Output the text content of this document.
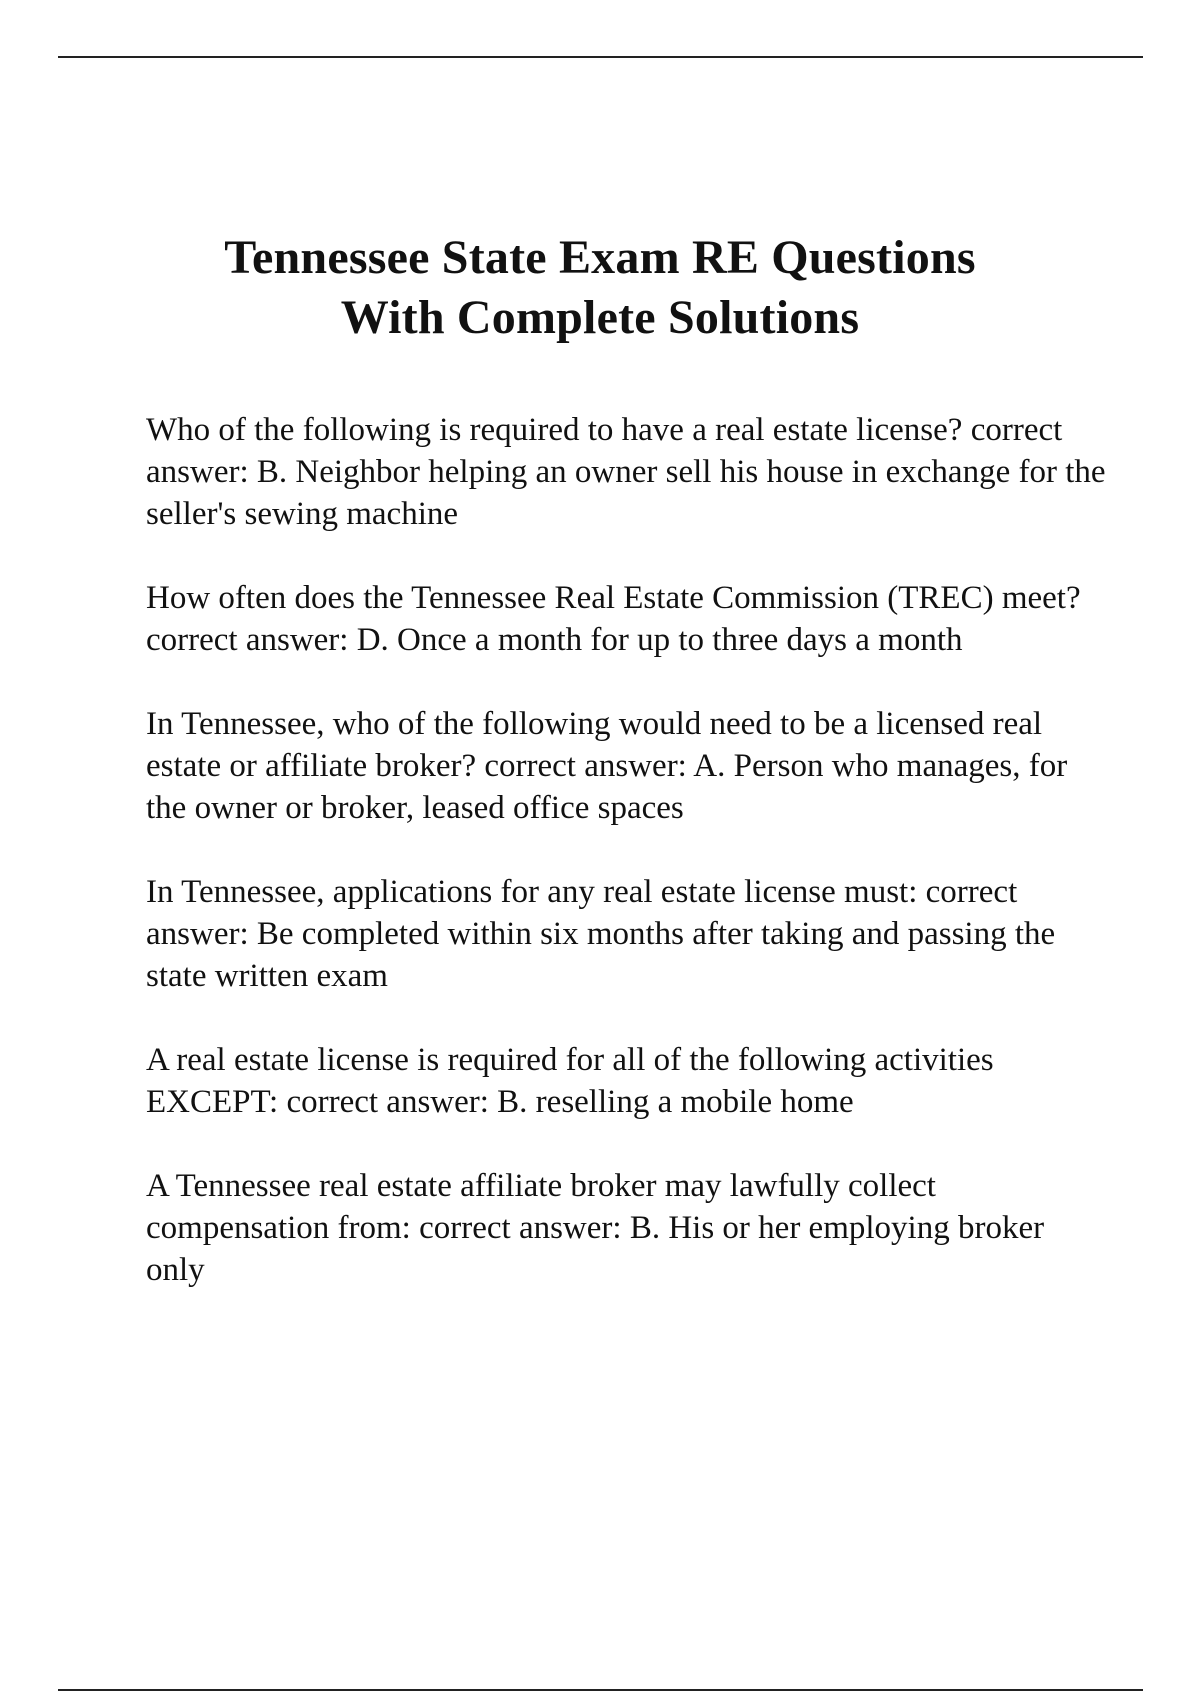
Tennessee State Exam RE Questions
With Complete Solutions
Who of the following is required to have a real estate license? correct answer: B. Neighbor helping an owner sell his house in exchange for the seller's sewing machine
How often does the Tennessee Real Estate Commission (TREC) meet? correct answer: D. Once a month for up to three days a month
In Tennessee, who of the following would need to be a licensed real estate or affiliate broker? correct answer: A. Person who manages, for the owner or broker, leased office spaces
In Tennessee, applications for any real estate license must: correct answer: Be completed within six months after taking and passing the state written exam
A real estate license is required for all of the following activities EXCEPT: correct answer: B. reselling a mobile home
A Tennessee real estate affiliate broker may lawfully collect compensation from: correct answer: B. His or her employing broker only
